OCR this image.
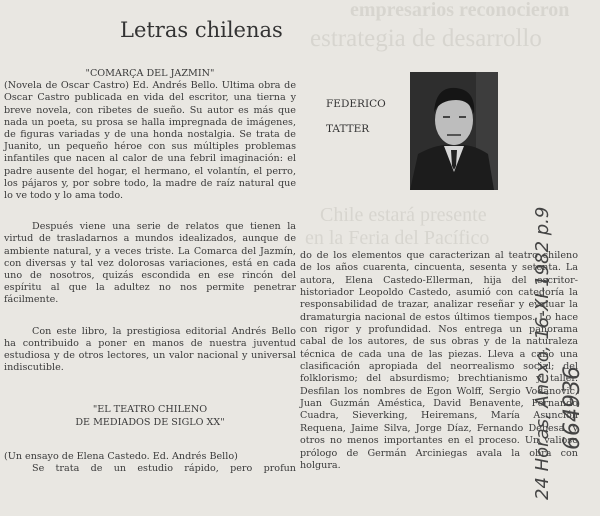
empresarios reconocieron
estrategia de desarrollo
Chile estará presente
en la Feria del Pacífico
Letras chilenas
FEDERICO
TATTER

"COMARÇA DEL JAZMIN"

(Novela de Oscar Castro) Ed. Andrés Bello. Ultima obra de Oscar Castro publicada en vida del escritor, una tierna y breve novela, con ribetes de sueño. Su autor es más que nada un poeta, su prosa se halla impregnada de imágenes, de figuras variadas y de una honda nostalgia. Se trata de Juanito, un pequeño héroe con sus múltiples problemas infantiles que nacen al calor de una febril imaginación: el padre ausente del hogar, el hermano, el volantín, el perro, los pájaros y, por sobre todo, la madre de raíz natural que lo ve todo y lo ama todo.

Después viene una serie de relatos que tienen la virtud de trasladarnos a mundos idealizados, aunque de ambiente natural, y a veces triste. La Comarca del Jazmín, con diversas y tal vez dolorosas variaciones, está en cada uno de nosotros, quizás escondida en ese rincón del espíritu al que la adultez no nos permite penetrar fácilmente.

Con este libro, la prestigiosa editorial Andrés Bello ha contribuido a poner en manos de nuestra juventud estudiosa y de otros lectores, un valor nacional y universal indiscutible.

"EL TEATRO CHILENO

DE MEDIADOS DE SIGLO XX"

(Un ensayo de Elena Castedo. Ed. Andrés Bello)

Se trata de un estudio rápido, pero profun

do de los elementos que caracterizan al teatro chileno de los años cuarenta, cincuenta, sesenta y setenta. La autora, Elena Castedo-Ellerman, hija del escritor-historiador Leopoldo Castedo, asumió con categoría la responsabilidad de trazar, analizar reseñar y evaluar la dramaturgia nacional de estos últimos tiempos. Lo hace con rigor y profundidad. Nos entrega un panorama cabal de los autores, de sus obras y de la naturaleza técnica de cada una de las piezas. Lleva a cabo una clasificación apropiada del neorrealismo social; del folklorismo; del absurdismo; brechtianismo y taller. Desfilan los nombres de Egon Wolff, Sergio Vodanovic, Juan Guzmán Améstica, David Benavente, Fernando Cuadra, Sieverking, Heiremans, María Asunción Requena, Jaime Silva, Jorge Díaz, Fernando Debesa, y otros no menos importantes en el proceso. Un valioso prólogo de Germán Arciniegas avala la obra con holgura.	24 Horas, Anexo, 16-XI-1982 p.9 664936
